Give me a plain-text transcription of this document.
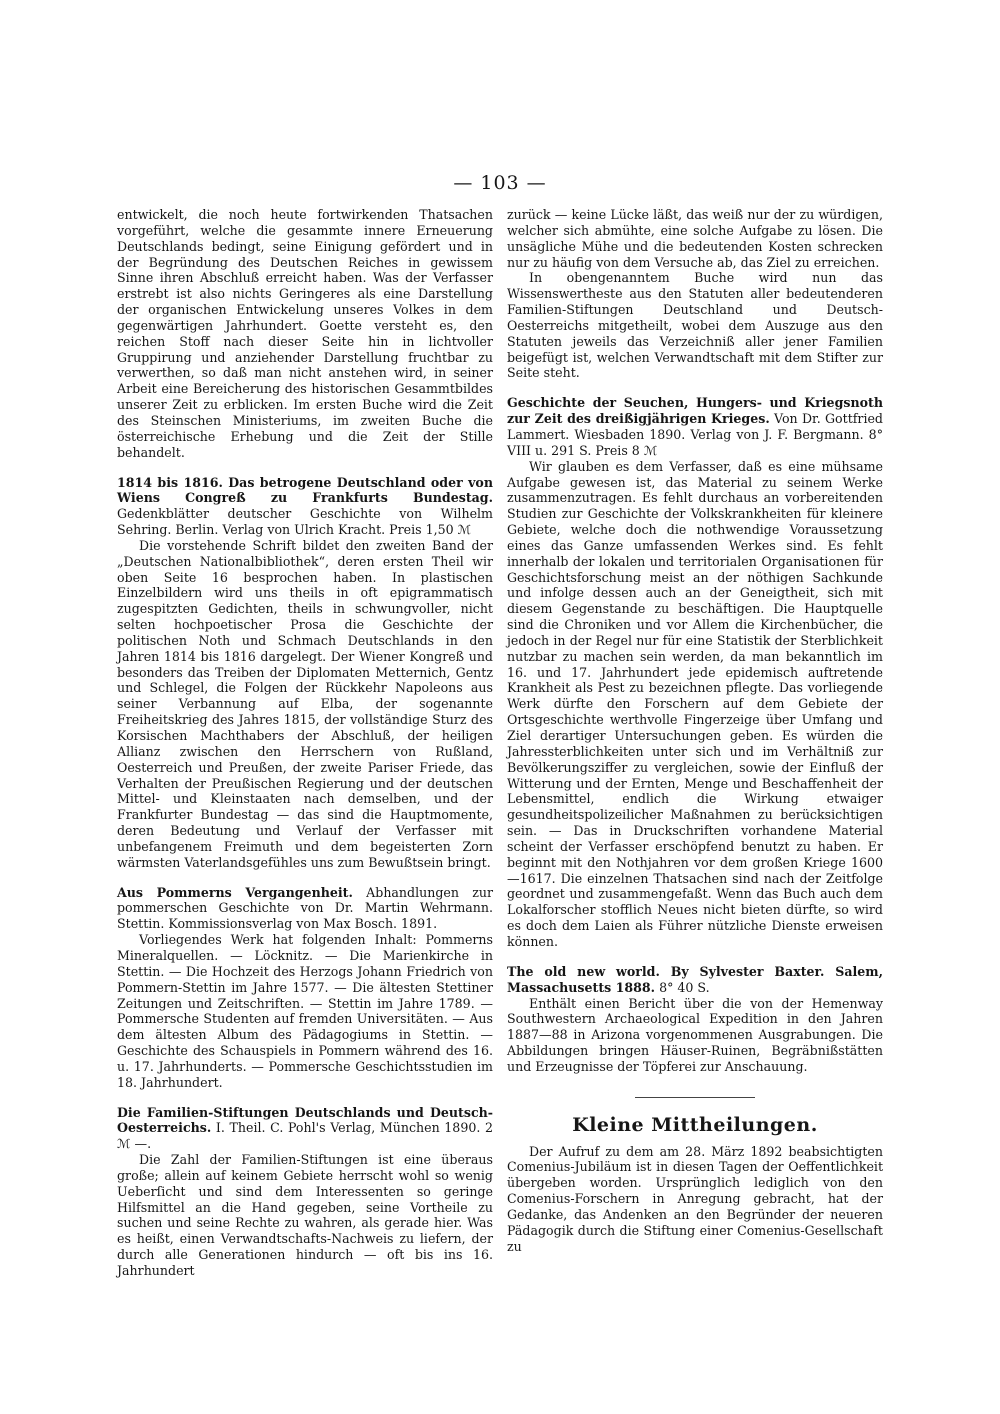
— 103 —

entwickelt, die noch heute fortwirkenden Thatsachen vorgeführt, welche die gesammte innere Erneuerung Deutschlands bedingt, seine Einigung gefördert und in der Begründung des Deutschen Reiches in gewissem Sinne ihren Abschluß erreicht haben. Was der Verfasser erstrebt ist also nichts Geringeres als eine Darstellung der organischen Entwickelung unseres Volkes in dem gegenwärtigen Jahrhundert. Goette versteht es, den reichen Stoff nach dieser Seite hin in lichtvoller Gruppirung und anziehender Darstellung fruchtbar zu verwerthen, so daß man nicht anstehen wird, in seiner Arbeit eine Bereicherung des historischen Gesammtbildes unserer Zeit zu erblicken. Im ersten Buche wird die Zeit des Steinschen Ministeriums, im zweiten Buche die österreichische Erhebung und die Zeit der Stille behandelt.

1814 bis 1816. Das betrogene Deutschland oder von Wiens Congreß zu Frankfurts Bundestag. Gedenkblätter deutscher Geschichte von Wilhelm Sehring. Berlin. Verlag von Ulrich Kracht. Preis 1,50 ℳ

Die vorstehende Schrift bildet den zweiten Band der „Deutschen Nationalbibliothek“, deren ersten Theil wir oben Seite 16 besprochen haben. In plastischen Einzelbildern wird uns theils in oft epigrammatisch zugespitzten Gedichten, theils in schwungvoller, nicht selten hochpoetischer Prosa die Geschichte der politischen Noth und Schmach Deutschlands in den Jahren 1814 bis 1816 dargelegt. Der Wiener Kongreß und besonders das Treiben der Diplomaten Metternich, Gentz und Schlegel, die Folgen der Rückkehr Napoleons aus seiner Verbannung auf Elba, der sogenannte Freiheitskrieg des Jahres 1815, der vollständige Sturz des Korsischen Machthabers der Abschluß, der heiligen Allianz zwischen den Herrschern von Rußland, Oesterreich und Preußen, der zweite Pariser Friede, das Verhalten der Preußischen Regierung und der deutschen Mittel- und Kleinstaaten nach demselben, und der Frankfurter Bundestag — das sind die Hauptmomente, deren Bedeutung und Verlauf der Verfasser mit unbefangenem Freimuth und dem begeisterten Zorn wärmsten Vaterlandsgefühles uns zum Bewußtsein bringt.

Aus Pommerns Vergangenheit. Abhandlungen zur pommerschen Geschichte von Dr. Martin Wehrmann. Stettin. Kommissionsverlag von Max Bosch. 1891.

Vorliegendes Werk hat folgenden Inhalt: Pommerns Mineralquellen. — Löcknitz. — Die Marienkirche in Stettin. — Die Hochzeit des Herzogs Johann Friedrich von Pommern-Stettin im Jahre 1577. — Die ältesten Stettiner Zeitungen und Zeitschriften. — Stettin im Jahre 1789. — Pommersche Studenten auf fremden Universitäten. — Aus dem ältesten Album des Pädagogiums in Stettin. — Geschichte des Schauspiels in Pommern während des 16. u. 17. Jahrhunderts. — Pommersche Geschichtsstudien im 18. Jahrhundert.

Die Familien-Stiftungen Deutschlands und Deutsch-Oesterreichs. I. Theil. C. Pohl's Verlag, München 1890. 2 ℳ —.

Die Zahl der Familien-Stiftungen ist eine überaus große; allein auf keinem Gebiete herrscht wohl so wenig Ueberſicht und sind dem Interessenten so geringe Hilfsmittel an die Hand gegeben, seine Vortheile zu suchen und seine Rechte zu wahren, als gerade hier. Was es heißt, einen Verwandtschafts-Nachweis zu liefern, der durch alle Generationen hindurch — oft bis ins 16. Jahrhundert

zurück — keine Lücke läßt, das weiß nur der zu würdigen, welcher sich abmühte, eine solche Aufgabe zu lösen. Die unsägliche Mühe und die bedeutenden Kosten schrecken nur zu häufig von dem Versuche ab, das Ziel zu erreichen.

In obengenanntem Buche wird nun das Wissenswertheste aus den Statuten aller bedeutenderen Familien-Stiftungen Deutschland und Deutsch-Oesterreichs mitgetheilt, wobei dem Auszuge aus den Statuten jeweils das Verzeichniß aller jener Familien beigefügt ist, welchen Verwandtschaft mit dem Stifter zur Seite steht.

Geschichte der Seuchen, Hungers- und Kriegsnoth zur Zeit des dreißigjährigen Krieges. Von Dr. Gottfried Lammert. Wiesbaden 1890. Verlag von J. F. Bergmann. 8° VIII u. 291 S. Preis 8 ℳ

Wir glauben es dem Verfasser, daß es eine mühsame Aufgabe gewesen ist, das Material zu seinem Werke zusammenzutragen. Es fehlt durchaus an vorbereitenden Studien zur Geschichte der Volkskrankheiten für kleinere Gebiete, welche doch die nothwendige Voraussetzung eines das Ganze umfassenden Werkes sind. Es fehlt innerhalb der lokalen und territorialen Organisationen für Geschichtsforschung meist an der nöthigen Sachkunde und infolge dessen auch an der Geneigtheit, sich mit diesem Gegenstande zu beschäftigen. Die Hauptquelle sind die Chroniken und vor Allem die Kirchenbücher, die jedoch in der Regel nur für eine Statistik der Sterblichkeit nutzbar zu machen sein werden, da man bekanntlich im 16. und 17. Jahrhundert jede epidemisch auftretende Krankheit als Pest zu bezeichnen pflegte. Das vorliegende Werk dürfte den Forschern auf dem Gebiete der Ortsgeschichte werthvolle Fingerzeige über Umfang und Ziel derartiger Untersuchungen geben. Es würden die Jahressterblichkeiten unter sich und im Verhältniß zur Bevölkerungsziffer zu vergleichen, sowie der Einfluß der Witterung und der Ernten, Menge und Beschaffenheit der Lebensmittel, endlich die Wirkung etwaiger gesundheitspolizeilicher Maßnahmen zu berücksichtigen sein. — Das in Druckschriften vorhandene Material scheint der Verfasser erschöpfend benutzt zu haben. Er beginnt mit den Nothjahren vor dem großen Kriege 1600—1617. Die einzelnen Thatsachen sind nach der Zeitfolge geordnet und zusammengefaßt. Wenn das Buch auch dem Lokalforscher stofflich Neues nicht bieten dürfte, so wird es doch dem Laien als Führer nützliche Dienste erweisen können.

The old new world. By Sylvester Baxter. Salem, Massachusetts 1888. 8° 40 S.

Enthält einen Bericht über die von der Hemenway Southwestern Archaeological Expedition in den Jahren 1887—88 in Arizona vorgenommenen Ausgrabungen. Die Abbildungen bringen Häuser-Ruinen, Begräbnißstätten und Erzeugnisse der Töpferei zur Anschauung.

Kleine Mittheilungen.

Der Aufruf zu dem am 28. März 1892 beabsichtigten Comenius-Jubiläum ist in diesen Tagen der Oeffentlichkeit übergeben worden. Ursprünglich lediglich von den Comenius-Forschern in Anregung gebracht, hat der Gedanke, das Andenken an den Begründer der neueren Pädagogik durch die Stiftung einer Comenius-Gesellschaft zu
